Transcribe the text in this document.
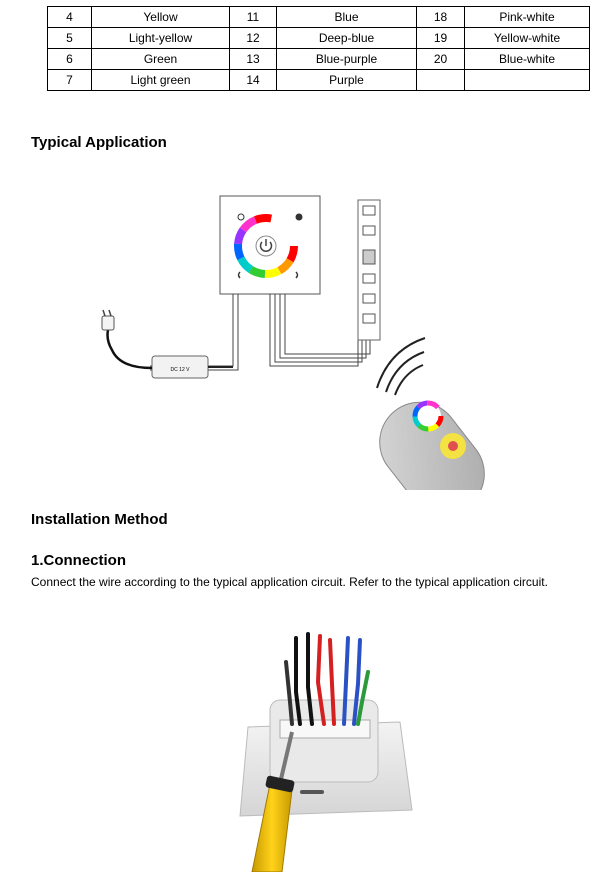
4	Yellow	11	Blue	18	Pink-white
5	Light-yellow	12	Deep-blue	19	Yellow-white
6	Green	13	Blue-purple	20	Blue-white
7	Light green	14	Purple		
Typical Application
DC 12 V
Installation Method
1.Connection
Connect the wire according to the typical application circuit. Refer to the typical application circuit.
